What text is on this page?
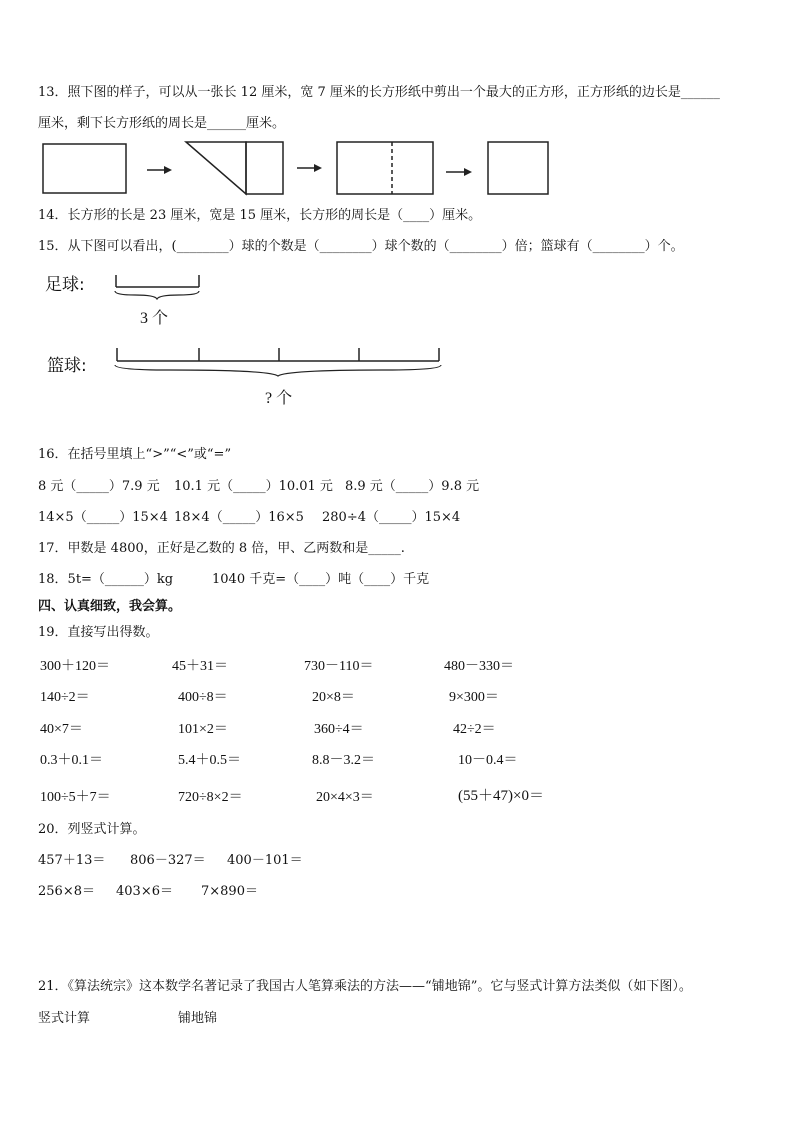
13．照下图的样子，可以从一张长 12 厘米，宽 7 厘米的长方形纸中剪出一个最大的正方形，正方形纸的边长是______
厘米，剩下长方形纸的周长是______厘米。
14．长方形的长是 23 厘米，宽是 15 厘米，长方形的周长是（____）厘米。
15．从下图可以看出，(________）球的个数是（________）球个数的（________）倍；篮球有（________）个。
足球:
3 个
篮球:
? 个
16．在括号里填上“>”“<”或“=”
8 元（_____）7.9 元 10.1 元（_____）10.01 元 8.9 元（_____）9.8 元
14×5（_____）15×4 18×4（_____）16×5 280÷4（_____）15×4
17．甲数是 4800，正好是乙数的 8 倍，甲、乙两数和是_____.
18．5t=（______）kg	1040 千克=（____）吨（____）千克
四、认真细致，我会算。
19．直接写出得数。
300＋120＝	45＋31＝	730－110＝	480－330＝
140÷2＝	400÷8＝	20×8＝	9×300＝
40×7＝	101×2＝	360÷4＝	42÷2＝
0.3＋0.1＝	5.4＋0.5＝	8.8－3.2＝	10－0.4＝
100÷5＋7＝	720÷8×2＝	20×4×3＝	(55＋47)×0＝
20．列竖式计算。
457＋13＝ 806－327＝ 400－101＝
256×8＝ 403×6＝ 7×890＝
21．《算法统宗》这本数学名著记录了我国古人笔算乘法的方法——“铺地锦”。它与竖式计算方法类似（如下图）。
竖式计算	铺地锦
